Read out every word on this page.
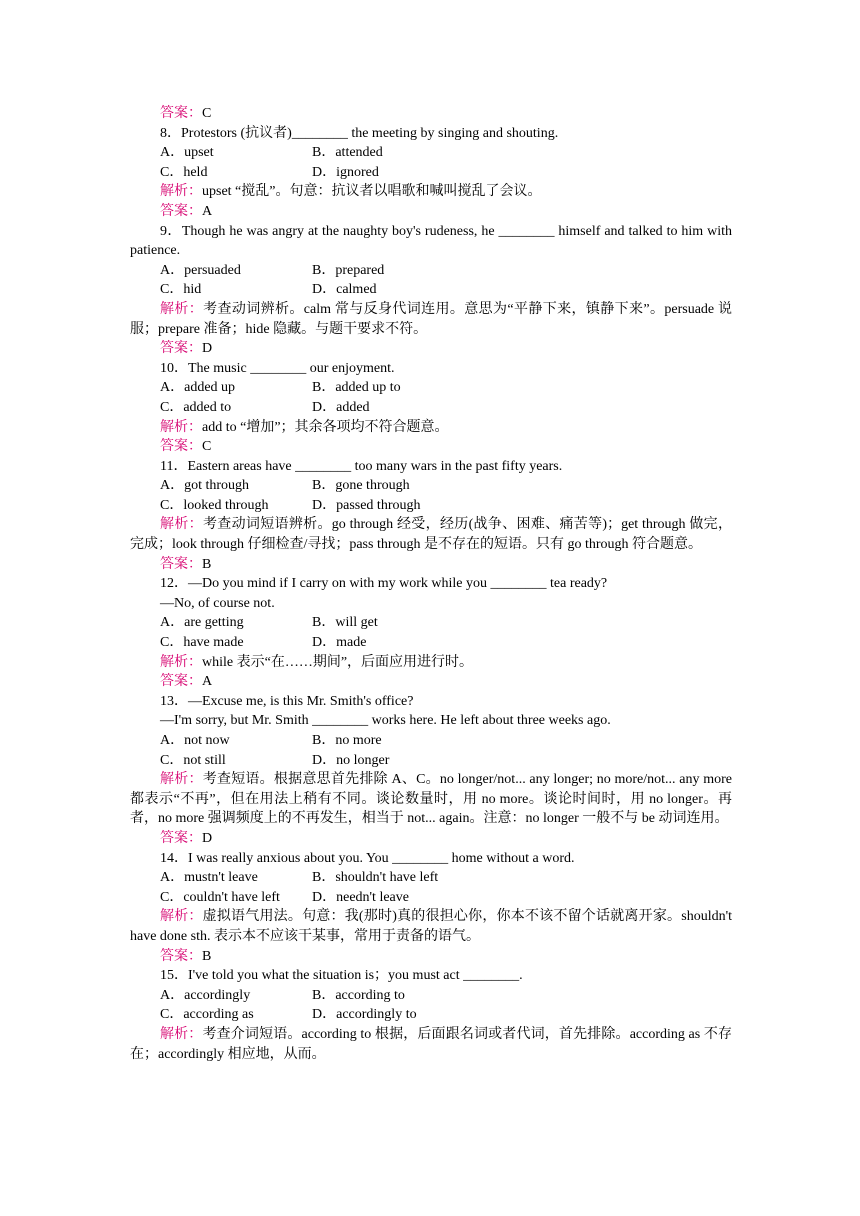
答案：C
8．Protestors (抗议者)________ the meeting by singing and shouting.
A．upset	B．attended
C．held	D．ignored
解析：upset “搅乱”。句意：抗议者以唱歌和喊叫搅乱了会议。
答案：A
9．Though he was angry at the naughty boy's rudeness, he ________ himself and talked to him with patience.
A．persuaded	B．prepared
C．hid	D．calmed
解析：考查动词辨析。calm 常与反身代词连用。意思为“平静下来，镇静下来”。persuade 说服；prepare 准备；hide 隐藏。与题干要求不符。
答案：D
10．The music ________ our enjoyment.
A．added up	B．added up to
C．added to	D．added
解析：add to “增加”；其余各项均不符合题意。
答案：C
11．Eastern areas have ________ too many wars in the past fifty years.
A．got through	B．gone through
C．looked through	D．passed through
解析：考查动词短语辨析。go through 经受，经历(战争、困难、痛苦等)；get through 做完，完成；look through 仔细检查/寻找；pass through 是不存在的短语。只有 go through 符合题意。
答案：B
12．—Do you mind if I carry on with my work while you ________ tea ready?
—No, of course not.
A．are getting	B．will get
C．have made	D．made
解析：while 表示“在……期间”，后面应用进行时。
答案：A
13．—Excuse me, is this Mr. Smith's office?
—I'm sorry, but Mr. Smith ________ works here. He left about three weeks ago.
A．not now	B．no more
C．not still	D．no longer
解析：考查短语。根据意思首先排除 A、C。no longer/not... any longer; no more/not... any more 都表示“不再”，但在用法上稍有不同。谈论数量时，用 no more。谈论时间时，用 no longer。再者，no more 强调频度上的不再发生，相当于 not... again。注意：no longer 一般不与 be 动词连用。
答案：D
14．I was really anxious about you. You ________ home without a word.
A．mustn't leave	B．shouldn't have left
C．couldn't have left	D．needn't leave
解析：虚拟语气用法。句意：我(那时)真的很担心你，你本不该不留个话就离开家。shouldn't have done sth. 表示本不应该干某事，常用于责备的语气。
答案：B
15．I've told you what the situation is；you must act ________.
A．accordingly	B．according to
C．according as	D．accordingly to
解析：考查介词短语。according to 根据，后面跟名词或者代词，首先排除。according as 不存在；accordingly 相应地，从而。
